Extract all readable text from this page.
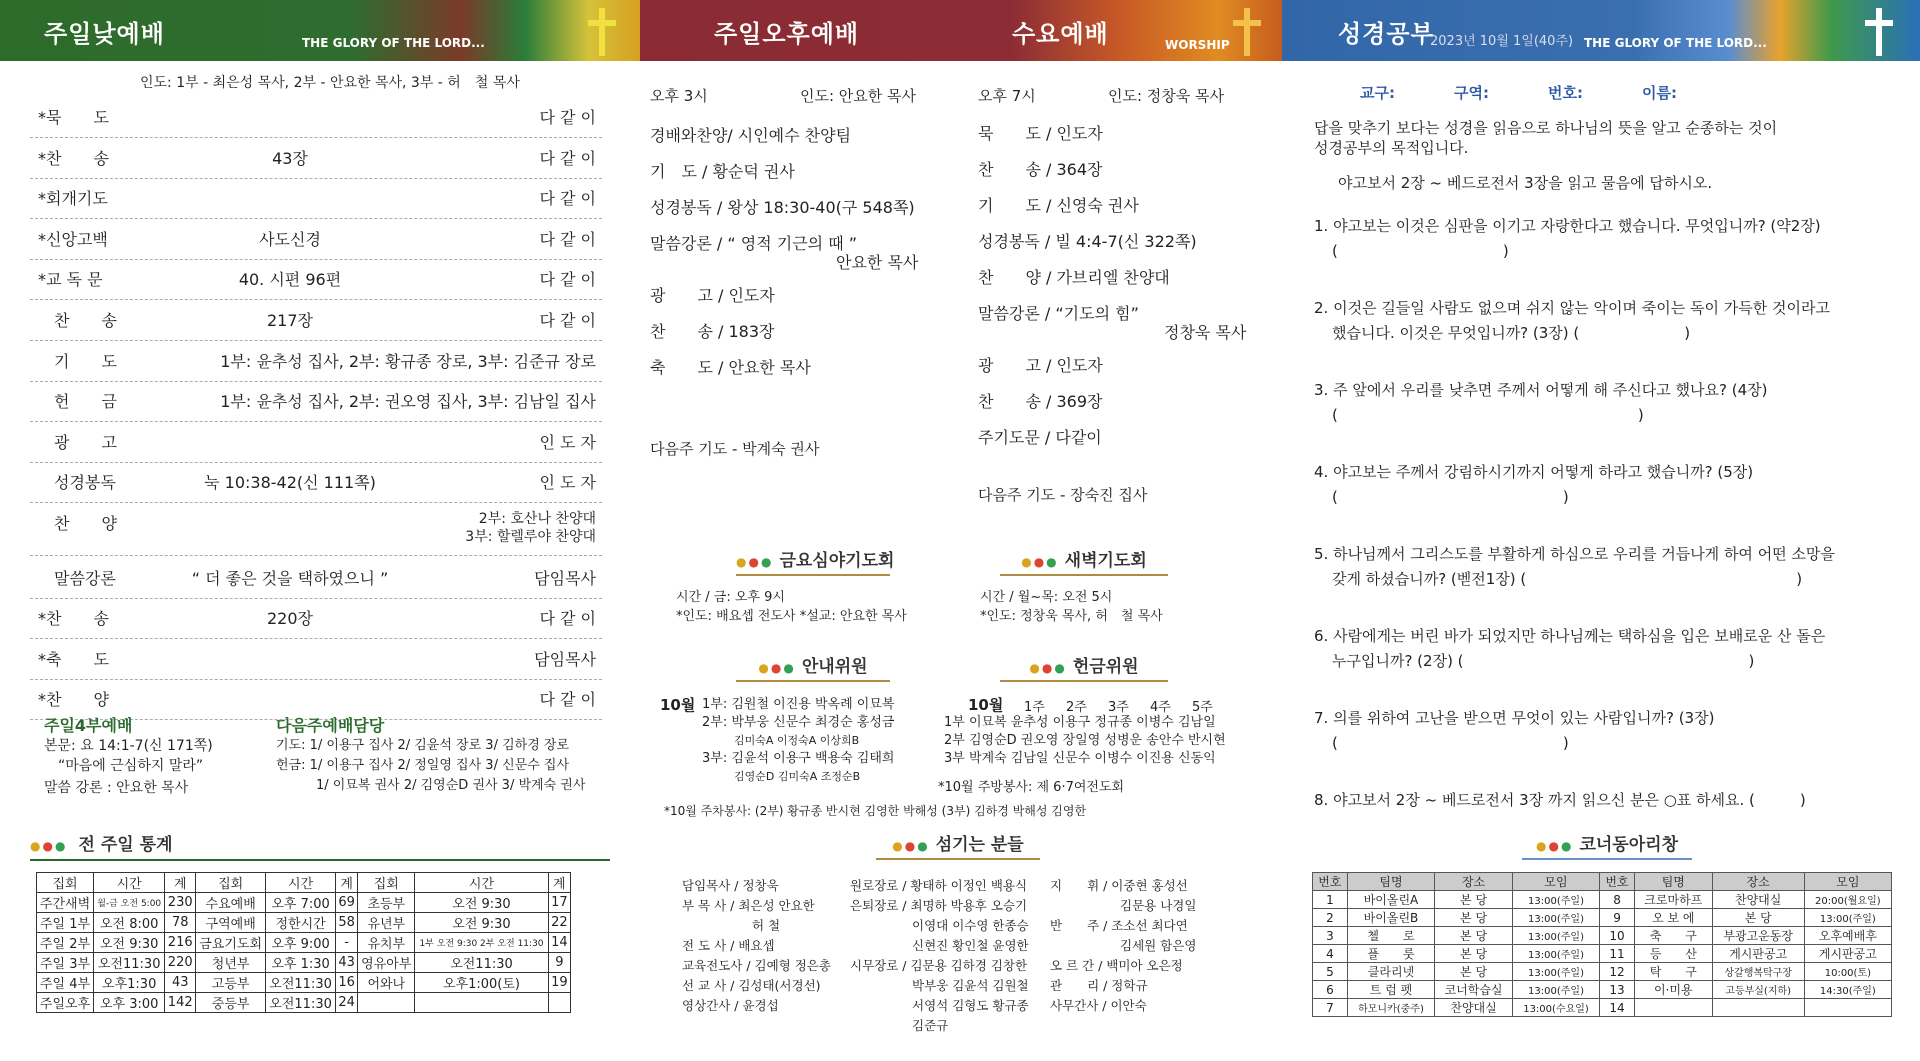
주일낮예배	THE GLORY OF THE LORD...
인도: 1부 - 최은성 목사, 2부 - 안요한 목사, 3부 - 허　철 목사
*묵　　도	다 같 이
*찬　　송	43장	다 같 이
*회개기도	다 같 이
*신앙고백	사도신경	다 같 이
*교 독 문	40. 시편 96편	다 같 이
　찬　　송	217장	다 같 이
　기　　도	1부: 윤추성 집사, 2부: 황규종 장로, 3부: 김준규 장로
　헌　　금	1부: 윤추성 집사, 2부: 권오영 집사, 3부: 김남일 집사
　광　　고	인 도 자
　성경봉독	눅 10:38-42(신 111쪽)	인 도 자
　찬　　양	2부: 호산나 찬양대
3부: 할렐루야 찬양대
　말씀강론	“ 더 좋은 것을 택하였으니 ”	담임목사
*찬　　송	220장	다 같 이
*축　　도	담임목사
*찬　　양	다 같 이
주일4부예배
본문: 요 14:1-7(신 171쪽)
“마음에 근심하지 말라”
말씀 강론 : 안요한 목사
다음주예배담당
기도: 1/ 이용구 집사 2/ 김윤석 장로 3/ 김하경 장로
헌금: 1/ 이용구 집사 2/ 정일영 집사 3/ 신문수 집사
1/ 이묘복 권사 2/ 김영순D 권사 3/ 박계숙 권사
●●● 전 주일 통계
집회	시간	계	집회	시간	계	집회	시간	계
주간새벽	월-금 오전 5:00	230	수요예배	오후 7:00	69	초등부	오전 9:30	17
주일 1부	오전 8:00	78	구역예배	정한시간	58	유년부	오전 9:30	22
주일 2부	오전 9:30	216	금요기도회	오후 9:00	-	유치부	1부 오전 9:30 2부 오전 11:30	14
주일 3부	오전11:30	220	청년부	오후 1:30	43	영유아부	오전11:30	9
주일 4부	오후1:30	43	고등부	오전11:30	16	어와나	오후1:00(토)	19
주일오후	오후 3:00	142	중등부	오전11:30	24			
주일오후예배	수요예배	WORSHIP
오후 3시	인도: 안요한 목사
경배와찬양/ 시인예수 찬양팀
기　도 / 황순덕 권사
성경봉독 / 왕상 18:30-40(구 548쪽)
말씀강론 / “ 영적 기근의 때 ”
안요한 목사
광　　고 / 인도자
찬　　송 / 183장
축　　도 / 안요한 목사
다음주 기도 - 박계숙 권사
오후 7시	인도: 정창욱 목사
묵　　도 / 인도자
찬　　송 / 364장
기　　도 / 신영숙 권사
성경봉독 / 빌 4:4-7(신 322쪽)
찬　　양 / 가브리엘 찬양대
말씀강론 / “기도의 힘”
정창욱 목사
광　　고 / 인도자
찬　　송 / 369장
주기도문 / 다같이
다음주 기도 - 장숙진 집사
●●● 금요심야기도회
시간 / 금: 오후 9시
*인도: 배요셉 전도사 *설교: 안요한 목사
●●● 새벽기도회
시간 / 월~목: 오전 5시
*인도: 정창욱 목사, 허　철 목사
●●● 안내위원
10월 1부: 김원철 이진용 박옥례 이묘복
2부: 박부웅 신문수 최경순 홍성금
김미숙A 이정숙A 이상희B
3부: 김윤석 이용구 백용숙 김태희
김영순D 김미숙A 조정순B
●●● 헌금위원
10월 1주 2주 3주 4주 5주
1부 이묘복 윤추성 이용구 정규종 이병수 김남일
2부 김영순D 권오영 장일영 성병운 송안수 반시현
3부 박계숙 김남일 신문수 이병수 이진용 신동익
*10월 주방봉사: 제 6·7여전도회
*10월 주차봉사: (2부) 황규종 반시현 김영한 박해성 (3부) 김하경 박해성 김영한
●●● 섬기는 분들
담임목사 / 정창욱
부 목 사 / 최은성 안요한
허 철
전 도 사 / 배요셉
교육전도사 / 김예형 정은총
선 교 사 / 김성태(서경선)
영상간사 / 윤경섭
원로장로 / 황태하 이정인 백용식
은퇴장로 / 최명하 박용후 오승기
이영대 이수영 한종승
신현진 황인철 윤영한
시무장로 / 김문용 김하경 김창한
박부웅 김윤석 김원철
서영석 김형도 황규종
김준규
지　　휘 / 이중현 홍성선
김문용 나경일
반　　주 / 조소선 최다연
김세원 함은영
오 르 간 / 백미아 오은정
관　　리 / 정학규
사무간사 / 이안숙
성경공부
2023년 10월 1일(40주) THE GLORY OF THE LORD...
교구:	구역:	번호:	이름:
답을 맞추기 보다는 성경을 읽음으로 하나님의 뜻을 알고 순종하는 것이
성경공부의 목적입니다.
야고보서 2장 ~ 베드로전서 3장을 읽고 물음에 답하시오.
1. 야고보는 이것은 심판을 이기고 자랑한다고 했습니다. 무엇입니까? (약2장)
(　　　　　　　　　　　)
2. 이것은 길들일 사람도 없으며 쉬지 않는 악이며 죽이는 독이 가득한 것이라고
했습니다. 이것은 무엇입니까? (3장) (　　　　　　　)
3. 주 앞에서 우리를 낮추면 주께서 어떻게 해 주신다고 했나요? (4장)
(　　　　　　　　　　　　　　　　　　　　)
4. 야고보는 주께서 강림하시기까지 어떻게 하라고 했습니까? (5장)
(　　　　　　　　　　　　　　　)
5. 하나님께서 그리스도를 부활하게 하심으로 우리를 거듭나게 하여 어떤 소망을
갖게 하셨습니까? (벧전1장) (　　　　　　　　　　　　　　　　　　)
6. 사람에게는 버린 바가 되었지만 하나님께는 택하심을 입은 보배로운 산 돌은
누구입니까? (2장) (　　　　　　　　　　　　　　　　　　　)
7. 의를 위하여 고난을 받으면 무엇이 있는 사람입니까? (3장)
(　　　　　　　　　　　　　　　)
8. 야고보서 2장 ~ 베드로전서 3장 까지 읽으신 분은 ○표 하세요. (　　　)
●●● 코너동아리창
번호	팀명	장소	모임	번호	팀명	장소	모임
1	바이올린A	본 당	13:00(주일)	8	크로마하프	찬양대실	20:00(월요일)
2	바이올린B	본 당	13:00(주일)	9	오 보 에	본 당	13:00(주일)
3	첼　　로	본 당	13:00(주일)	10	축　　구	부광고운동장	오후예배후
4	플　　룻	본 당	13:00(주일)	11	등　　산	게시판공고	게시판공고
5	클라리넷	본 당	13:00(주일)	12	탁　　구	상갈행복탁구장	10:00(토)
6	트 럼 펫	코너학습실	13:00(주일)	13	이·미용	고등부실(지하)	14:30(주일)
7	하모니카(중주)	찬양대실	13:00(수요일)	14			
